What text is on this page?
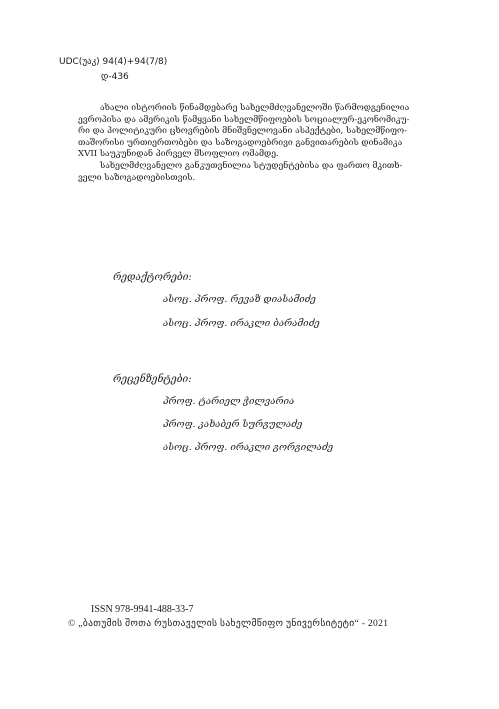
UDC(უაკ) 94(4)+94(7/8)
დ-436
ახალი ისტორიის წინამდებარე სახელმძღვანელოში წარმოდგენილია
ევროპისა და ამერიკის წამყვანი სახელმწიფოების სოციალურ-ეკონომიკუ-
რი და პოლიტიკური ცხოვრების მნიშვნელოვანი ასპექტები, სახელმწიფო-
თაშორისი ურთიერთობები და საზოგადოებრივი განვითარების დინამიკა
XVII საუკუნიდან პირველ მსოფლიო ომამდე.
სახელმძღვანელო განკუთვნილია სტუდენტებისა და ფართო მკითხ-
ველი საზოგადოებისთვის.
რედაქტორები:
ასოც. პროფ. რევაზ დიასამიძე
ასოც. პროფ. ირაკლი ბარამიძე
რეცენზენტები:
პროფ. ტარიელ ჭილვარია
პროფ. კახაბერ სურგულაძე
ასოც. პროფ. ირაკლი გორგილაძე
ISSN 978-9941-488-33-7
© „ბათუმის შოთა რუსთაველის სახელმწიფო უნივერსიტეტი“ - 2021
